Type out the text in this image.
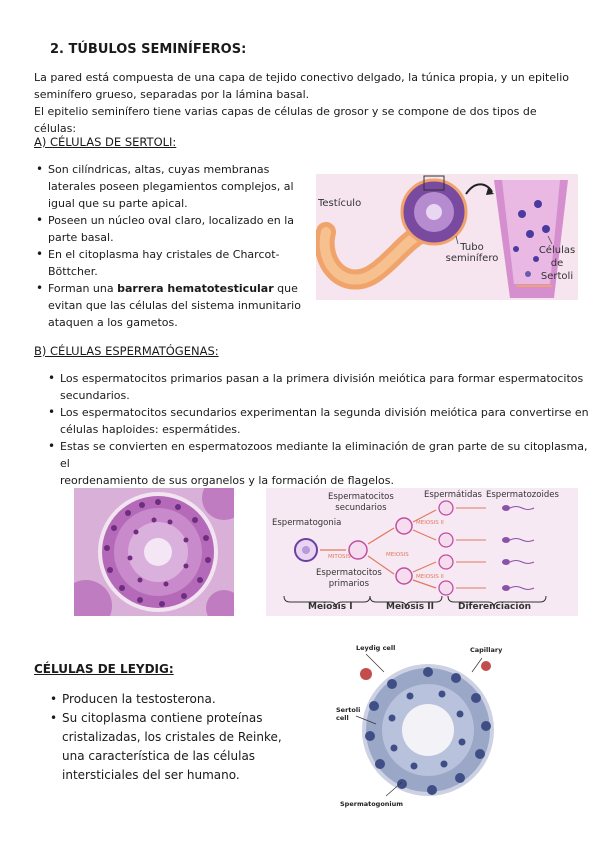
2. TÚBULOS SEMINÍFEROS:
La pared está compuesta de una capa de tejido conectivo delgado, la túnica propia, y un epitelio
seminífero grueso, separadas por la lámina basal.
El epitelio seminífero tiene varias capas de células de grosor y se compone de dos tipos de células:
A) CÉLULAS DE SERTOLI:
• Son cilíndricas, altas, cuyas membranas
laterales poseen plegamientos complejos, al
igual que su parte apical.
• Poseen un núcleo oval claro, localizado en la
parte basal.
• En el citoplasma hay cristales de Charcot-
Böttcher.
• Forman una barrera hematotesticular que
evitan que las células del sistema inmunitario
ataquen a los gametos.
Testículo
Tubo
seminífero
Células
de
Sertoli
B) CÉLULAS ESPERMATÓGENAS:
• Los espermatocitos primarios pasan a la primera división meiótica para formar espermatocitos
secundarios.
• Los espermatocitos secundarios experimentan la segunda división meiótica para convertirse en
células haploides: espermátides.
• Estas se convierten en espermatozoos mediante la eliminación de gran parte de su citoplasma, el
reordenamiento de sus organelos y la formación de flagelos.
Espermatogonia
Espermatocitos
primarios
Espermatocitos
secundarios
Espermátidas Espermatozoides
MITOSIS	MEIOSIS
MEIOSIS II
MEIOSIS II
Meiosis I	Meiosis II	Diferenciación
CÉLULAS DE LEYDIG:
• Producen la testosterona.
• Su citoplasma contiene proteínas
cristalizadas, los cristales de Reinke,
una característica de las células
intersticiales del ser humano.
Leydig cell	Capillary
Sertoli
cell
Spermatogonium
